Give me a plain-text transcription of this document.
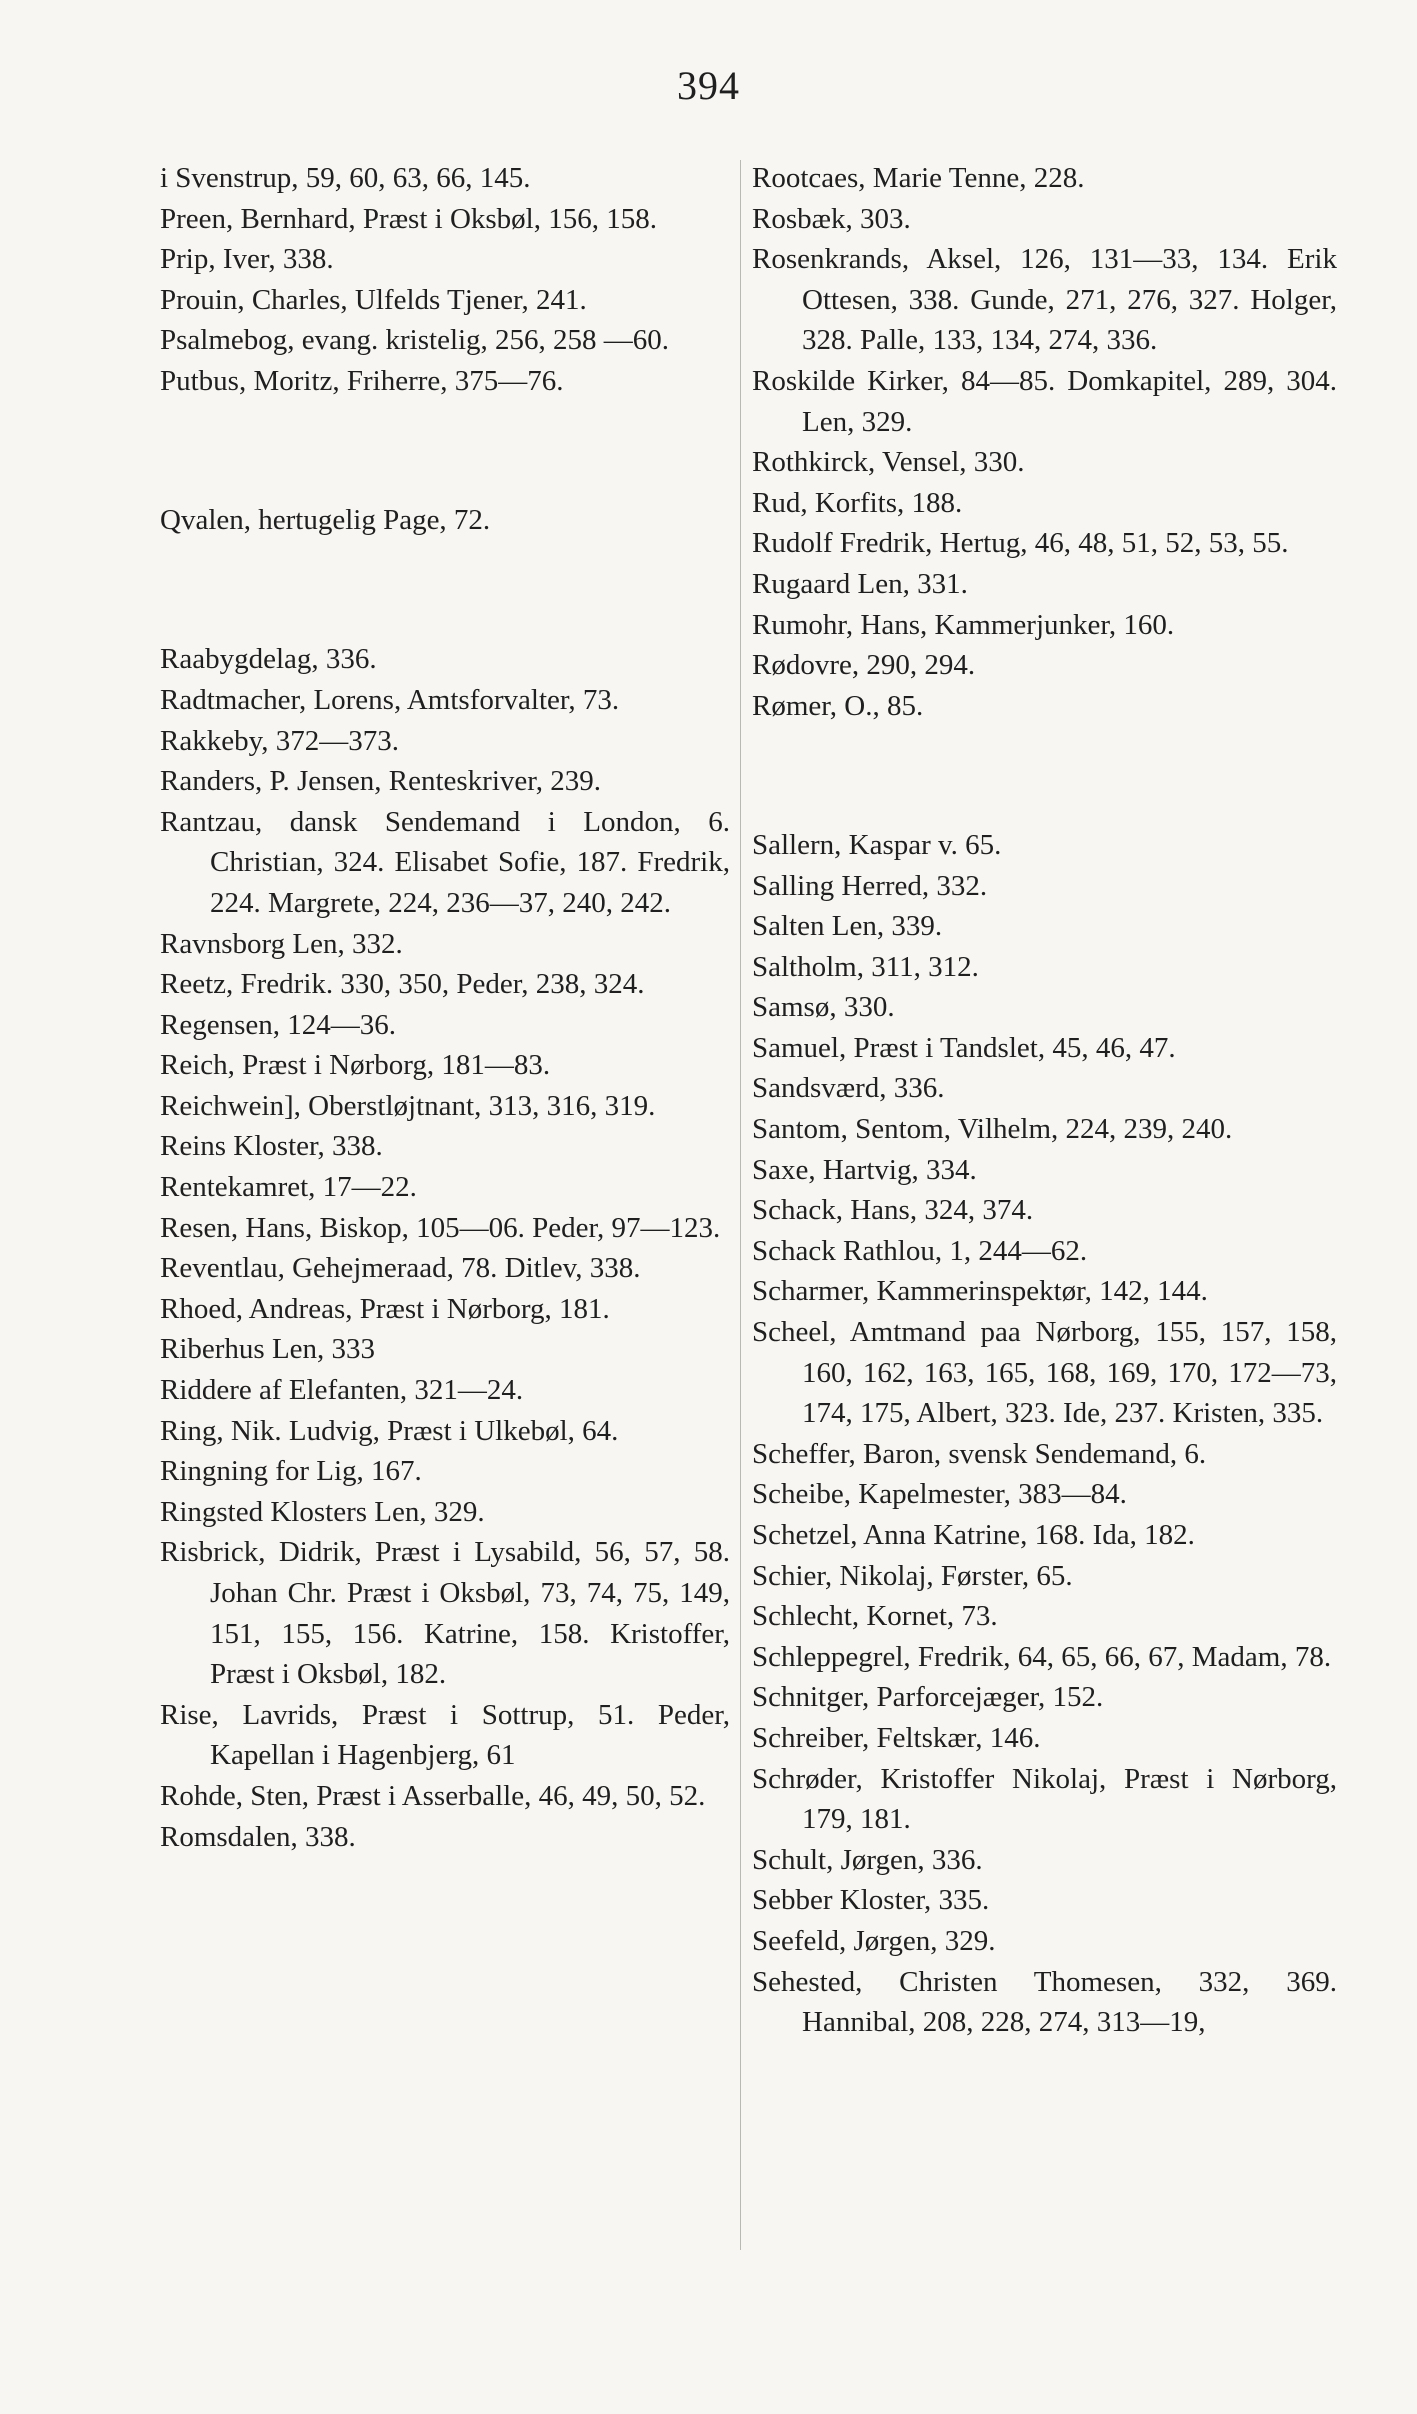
394

i Svenstrup, 59, 60, 63, 66, 145.

Preen, Bernhard, Præst i Oksbøl, 156, 158.

Prip, Iver, 338.

Prouin, Charles, Ulfelds Tjener, 241.

Psalmebog, evang. kristelig, 256, 258 —60.

Putbus, Moritz, Friherre, 375—76.

Qvalen, hertugelig Page, 72.

Raabygdelag, 336.

Radtmacher, Lorens, Amtsforvalter, 73.

Rakkeby, 372—373.

Randers, P. Jensen, Renteskriver, 239.

Rantzau, dansk Sendemand i London, 6. Christian, 324. Elisabet Sofie, 187. Fredrik, 224. Margrete, 224, 236—37, 240, 242.

Ravnsborg Len, 332.

Reetz, Fredrik. 330, 350, Peder, 238, 324.

Regensen, 124—36.

Reich, Præst i Nørborg, 181—83.

Reichwein], Oberstløjtnant, 313, 316, 319.

Reins Kloster, 338.

Rentekamret, 17—22.

Resen, Hans, Biskop, 105—06. Peder, 97—123.

Reventlau, Gehejmeraad, 78. Ditlev, 338.

Rhoed, Andreas, Præst i Nørborg, 181.

Riberhus Len, 333

Riddere af Elefanten, 321—24.

Ring, Nik. Ludvig, Præst i Ulkebøl, 64.

Ringning for Lig, 167.

Ringsted Klosters Len, 329.

Risbrick, Didrik, Præst i Lysabild, 56, 57, 58. Johan Chr. Præst i Oksbøl, 73, 74, 75, 149, 151, 155, 156. Katrine, 158. Kristoffer, Præst i Oksbøl, 182.

Rise, Lavrids, Præst i Sottrup, 51. Peder, Kapellan i Hagenbjerg, 61

Rohde, Sten, Præst i Asserballe, 46, 49, 50, 52.

Romsdalen, 338.

Rootcaes, Marie Tenne, 228.

Rosbæk, 303.

Rosenkrands, Aksel, 126, 131—33, 134. Erik Ottesen, 338. Gunde, 271, 276, 327. Holger, 328. Palle, 133, 134, 274, 336.

Roskilde Kirker, 84—85. Domkapitel, 289, 304. Len, 329.

Rothkirck, Vensel, 330.

Rud, Korfits, 188.

Rudolf Fredrik, Hertug, 46, 48, 51, 52, 53, 55.

Rugaard Len, 331.

Rumohr, Hans, Kammerjunker, 160.

Rødovre, 290, 294.

Rømer, O., 85.

Sallern, Kaspar v. 65.

Salling Herred, 332.

Salten Len, 339.

Saltholm, 311, 312.

Samsø, 330.

Samuel, Præst i Tandslet, 45, 46, 47.

Sandsværd, 336.

Santom, Sentom, Vilhelm, 224, 239, 240.

Saxe, Hartvig, 334.

Schack, Hans, 324, 374.

Schack Rathlou, 1, 244—62.

Scharmer, Kammerinspektør, 142, 144.

Scheel, Amtmand paa Nørborg, 155, 157, 158, 160, 162, 163, 165, 168, 169, 170, 172—73, 174, 175, Albert, 323. Ide, 237. Kristen, 335.

Scheffer, Baron, svensk Sendemand, 6.

Scheibe, Kapelmester, 383—84.

Schetzel, Anna Katrine, 168. Ida, 182.

Schier, Nikolaj, Førster, 65.

Schlecht, Kornet, 73.

Schleppegrel, Fredrik, 64, 65, 66, 67, Madam, 78.

Schnitger, Parforcejæger, 152.

Schreiber, Feltskær, 146.

Schrøder, Kristoffer Nikolaj, Præst i Nørborg, 179, 181.

Schult, Jørgen, 336.

Sebber Kloster, 335.

Seefeld, Jørgen, 329.

Sehested, Christen Thomesen, 332, 369. Hannibal, 208, 228, 274, 313—19,
